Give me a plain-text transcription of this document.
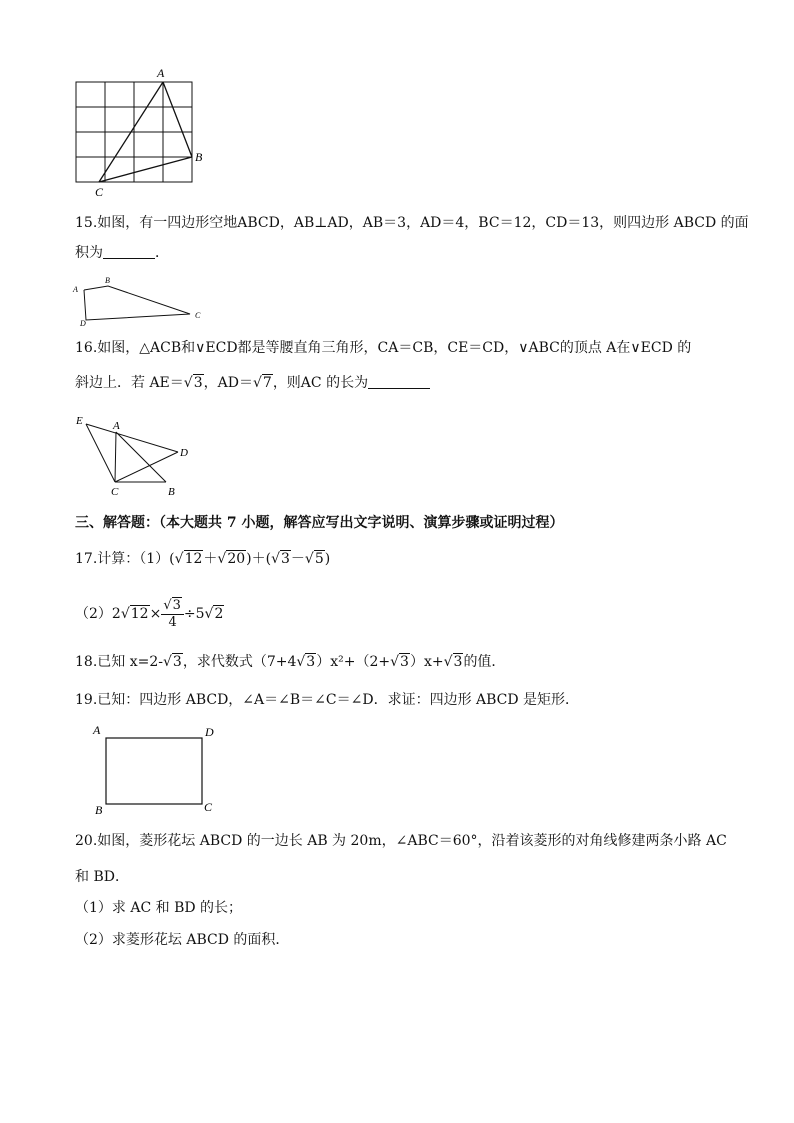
A
B
C
15.如图，有一四边形空地ABCD，AB⊥AD，AB＝3，AD＝4，BC＝12，CD＝13，则四边形 ABCD 的面
积为	．
A
B
D
C
16.如图，△ACB和∨ECD都是等腰直角三角形，CA＝CB，CE＝CD，∨ABC的顶点 A在∨ECD 的
斜边上．若 AE＝√3，AD＝√7，则AC 的长为
E	A
D
C	B
三、解答题：（本大题共 7 小题，解答应写出文字说明、演算步骤或证明过程）
17.计算：（1）(√12＋√20)＋(√3－√5)
$(2)2√12\times \frac{√3}{4} \div 5√2$
18.已知 x=2-√3，求代数式（7+4√3）x²+（2+√3）x+√3的值．
19.已知：四边形 ABCD，∠A＝∠B＝∠C＝∠D．求证：四边形 ABCD 是矩形．
A	D
B	C
20.如图，菱形花坛 ABCD 的一边长 AB 为 20m，∠ABC＝60°，沿着该菱形的对角线修建两条小路 AC
和 BD．
（1）求 AC 和 BD 的长；
（2）求菱形花坛 ABCD 的面积．
